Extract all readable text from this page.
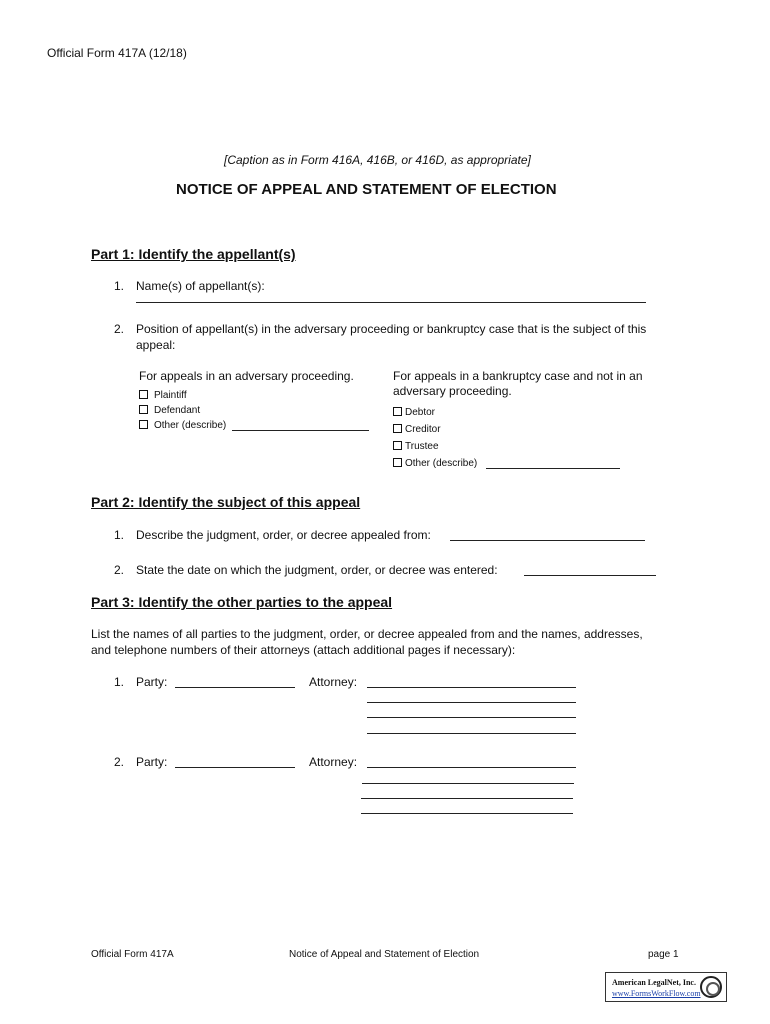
Official Form 417A (12/18)
[Caption as in Form 416A, 416B, or 416D, as appropriate]
NOTICE OF APPEAL AND STATEMENT OF ELECTION
Part 1: Identify the appellant(s)
1. Name(s) of appellant(s):
2. Position of appellant(s) in the adversary proceeding or bankruptcy case that is the subject of this
appeal:
For appeals in an adversary proceeding.
Plaintiff
Defendant
Other (describe)
For appeals in a bankruptcy case and not in an
adversary proceeding.
Debtor
Creditor
Trustee
Other (describe)
Part 2: Identify the subject of this appeal
1. Describe the judgment, order, or decree appealed from:
2. State the date on which the judgment, order, or decree was entered:
Part 3: Identify the other parties to the appeal
List the names of all parties to the judgment, order, or decree appealed from and the names, addresses,
and telephone numbers of their attorneys (attach additional pages if necessary):
1. Party:	Attorney:
2. Party:	Attorney:
Official Form 417A	Notice of Appeal and Statement of Election	page 1
American LegalNet, Inc.
www.FormsWorkFlow.com
